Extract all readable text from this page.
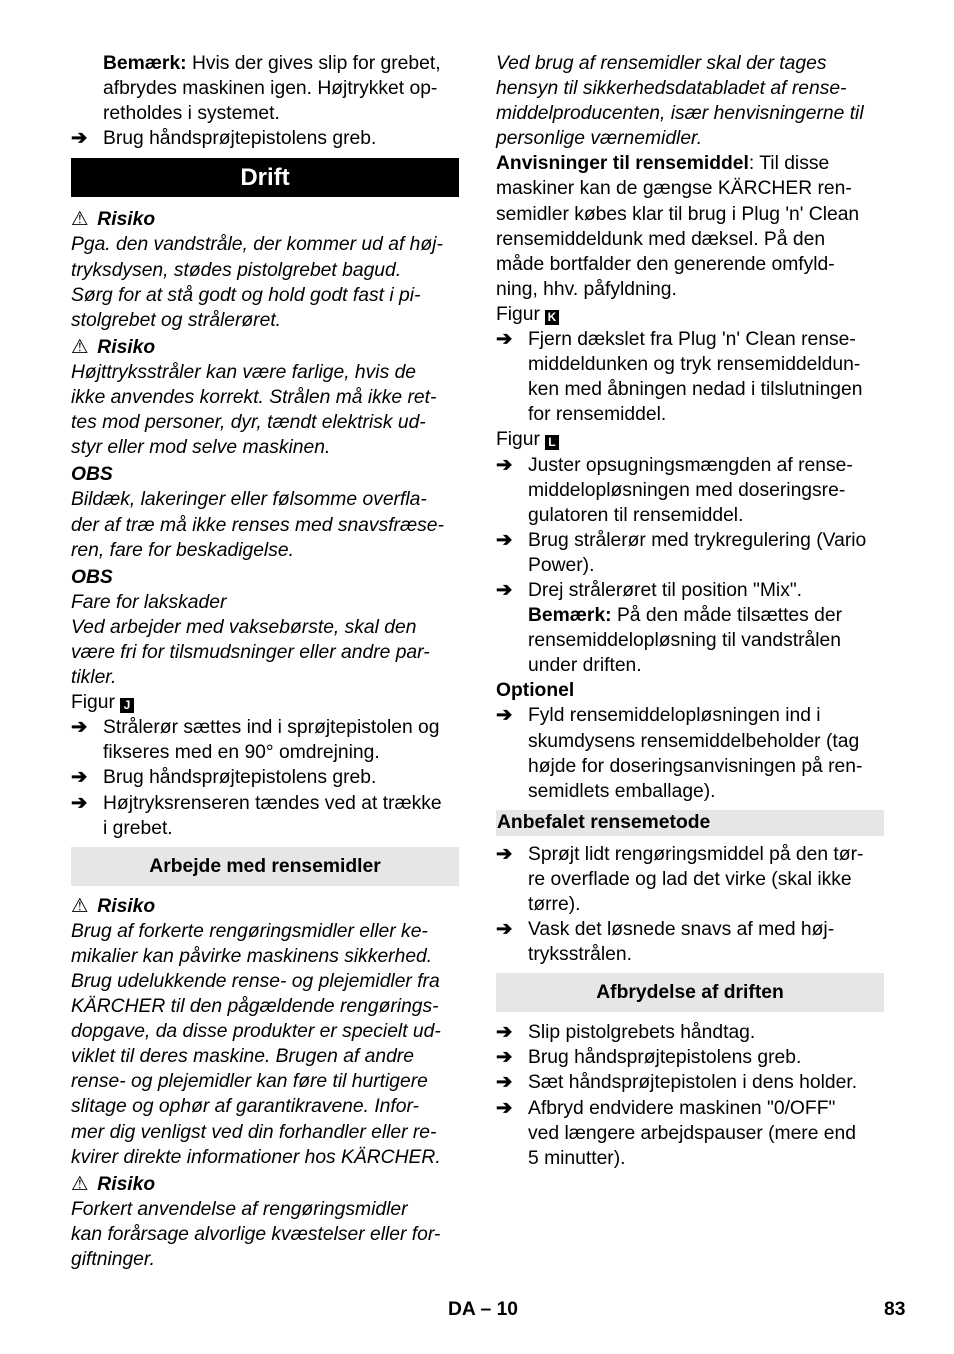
Bemærk: Hvis der gives slip for grebet,
afbrydes maskinen igen. Højtrykket op-
retholdes i systemet.

➔ Brug håndsprøjtepistolens greb.
Drift

⚠ Risiko

Pga. den vandstråle, der kommer ud af høj-
tryksdysen, stødes pistolgrebet bagud.
Sørg for at stå godt og hold godt fast i pi-
stolgrebet og strålerøret.

⚠ Risiko

Højttryksstråler kan være farlige, hvis de
ikke anvendes korrekt. Strålen må ikke ret-
tes mod personer, dyr, tændt elektrisk ud-
styr eller mod selve maskinen.

OBS

Bildæk, lakeringer eller følsomme overfla-
der af træ må ikke renses med snavsfræse-
ren, fare for beskadigelse.

OBS

Fare for lakskader
Ved arbejder med vaksebørste, skal den
være fri for tilsmudsninger eller andre par-
tikler.

Figur J

➔ Strålerør sættes ind i sprøjtepistolen og
fikseres med en 90° omdrejning.
➔ Brug håndsprøjtepistolens greb.
➔ Højtryksrenseren tændes ved at trække
i grebet.
Arbejde med rensemidler

⚠ Risiko

Brug af forkerte rengøringsmidler eller ke-
mikalier kan påvirke maskinens sikkerhed.
Brug udelukkende rense- og plejemidler fra
KÄRCHER til den pågældende rengørings-
dopgave, da disse produkter er specielt ud-
viklet til deres maskine. Brugen af andre
rense- og plejemidler kan føre til hurtigere
slitage og ophør af garantikravene. Infor-
mer dig venligst ved din forhandler eller re-
kvirer direkte informationer hos KÄRCHER.

⚠ Risiko

Forkert anvendelse af rengøringsmidler
kan forårsage alvorlige kvæstelser eller for-
giftninger.

Ved brug af rensemidler skal der tages
hensyn til sikkerhedsdatabladet af rense-
middelproducenten, især henvisningerne til
personlige værnemidler.

Anvisninger til rensemiddel: Til disse
maskiner kan de gængse KÄRCHER ren-
semidler købes klar til brug i Plug 'n' Clean
rensemiddeldunk med dæksel. På den
måde bortfalder den generende omfyld-
ning, hhv. påfyldning.

Figur K

➔ Fjern dækslet fra Plug 'n' Clean rense-
middeldunken og tryk rensemiddeldun-
ken med åbningen nedad i tilslutningen
for rensemiddel.

Figur L

➔ Juster opsugningsmængden af rense-
middelopløsningen med doseringsre-
gulatoren til rensemiddel.
➔ Brug strålerør med trykregulering (Vario
Power).
➔ Drej strålerøret til position "Mix".
Bemærk: På den måde tilsættes der
rensemiddelopløsning til vandstrålen
under driften.

Optionel

➔ Fyld rensemiddelopløsningen ind i
skumdysens rensemiddelbeholder (tag
højde for doseringsanvisningen på ren-
semidlets emballage).
Anbefalet rensemetode
➔ Sprøjt lidt rengøringsmiddel på den tør-
re overflade og lad det virke (skal ikke
tørre).
➔ Vask det løsnede snavs af med høj-
tryksstrålen.
Afbrydelse af driften
➔ Slip pistolgrebets håndtag.
➔ Brug håndsprøjtepistolens greb.
➔ Sæt håndsprøjtepistolen i dens holder.
➔ Afbryd endvidere maskinen "0/OFF"
ved længere arbejdspauser (mere end
5 minutter).
DA – 10	83
